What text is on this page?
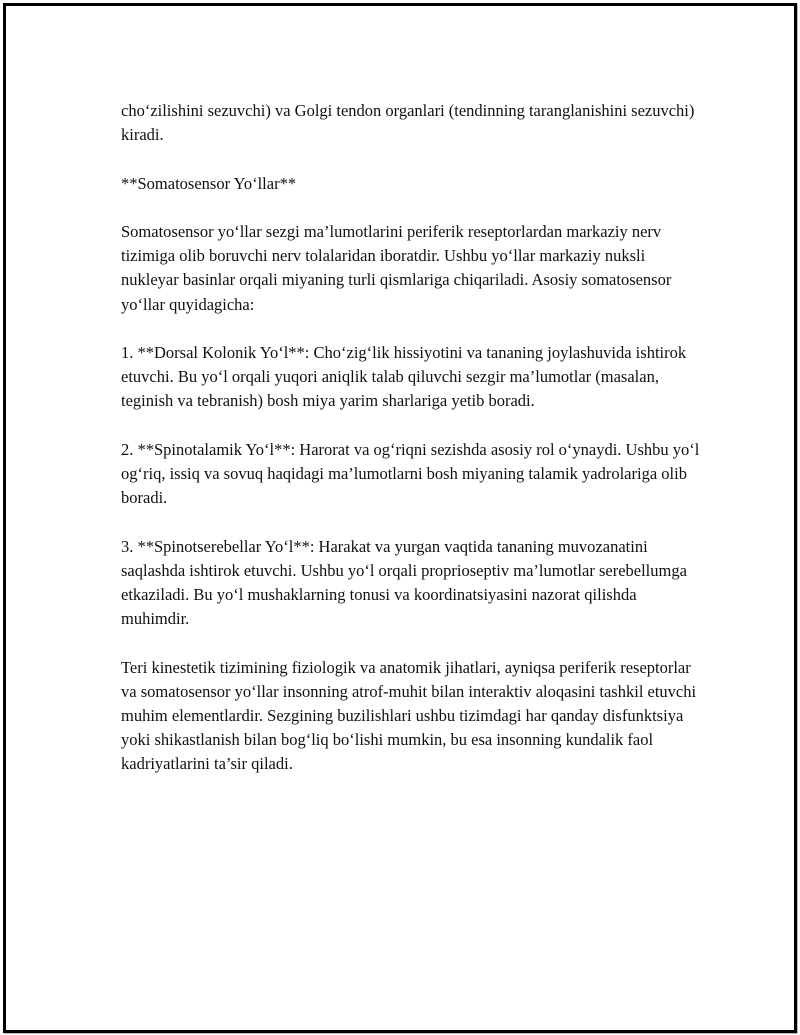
cho‘zilishini sezuvchi) va Golgi tendon organlari (tendinning taranglanishini sezuvchi) kiradi.

**Somatosensor Yo‘llar**

Somatosensor yo‘llar sezgi ma’lumotlarini periferik reseptorlardan markaziy nerv tizimiga olib boruvchi nerv tolalaridan iboratdir. Ushbu yo‘llar markaziy nuksli nukleyar basinlar orqali miyaning turli qismlariga chiqariladi. Asosiy somatosensor yo‘llar quyidagicha:

1. **Dorsal Kolonik Yo‘l**: Cho‘zig‘lik hissiyotini va tananing joylashuvida ishtirok etuvchi. Bu yo‘l orqali yuqori aniqlik talab qiluvchi sezgir ma’lumotlar (masalan, teginish va tebranish) bosh miya yarim sharlariga yetib boradi.

2. **Spinotalamik Yo‘l**: Harorat va og‘riqni sezishda asosiy rol o‘ynaydi. Ushbu yo‘l og‘riq, issiq va sovuq haqidagi ma’lumotlarni bosh miyaning talamik yadrolariga olib boradi.

3. **Spinotserebellar Yo‘l**: Harakat va yurgan vaqtida tananing muvozanatini saqlashda ishtirok etuvchi. Ushbu yo‘l orqali proprioseptiv ma’lumotlar serebellumga etkaziladi. Bu yo‘l mushaklarning tonusi va koordinatsiyasini nazorat qilishda muhimdir.

Teri kinestetik tizimining fiziologik va anatomik jihatlari, ayniqsa periferik reseptorlar va somatosensor yo‘llar insonning atrof-muhit bilan interaktiv aloqasini tashkil etuvchi muhim elementlardir. Sezgining buzilishlari ushbu tizimdagi har qanday disfunktsiya yoki shikastlanish bilan bog‘liq bo‘lishi mumkin, bu esa insonning kundalik faol kadriyatlarini ta’sir qiladi.
